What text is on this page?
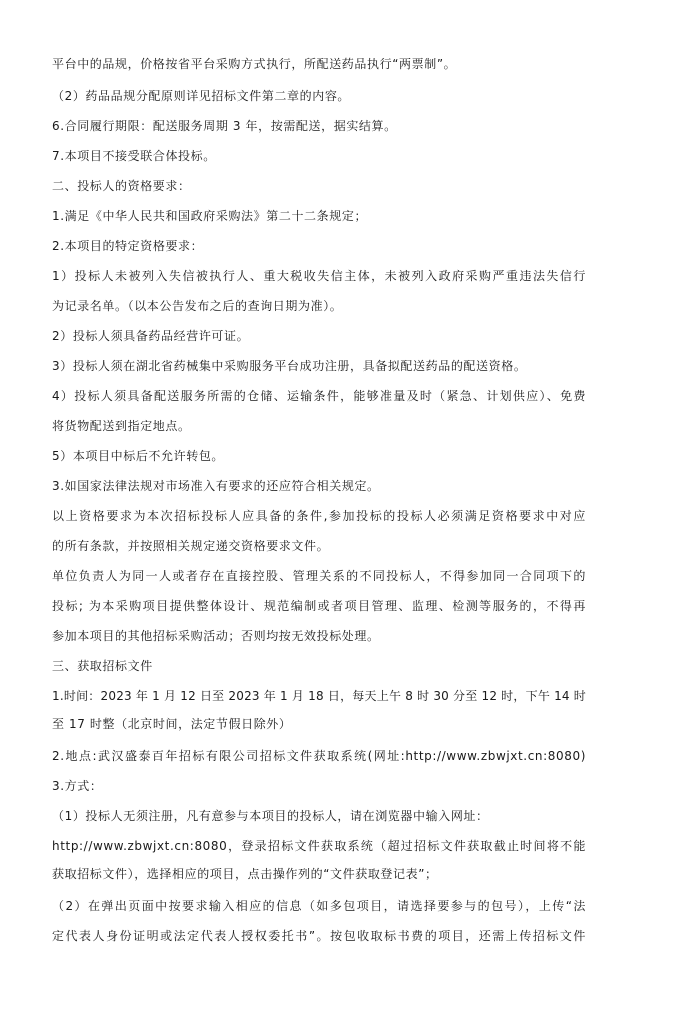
平台中的品规，价格按省平台采购方式执行，所配送药品执行“两票制”。
（2）药品品规分配原则详见招标文件第二章的内容。
6.合同履行期限：配送服务周期 3 年，按需配送，据实结算。
7.本项目不接受联合体投标。
二、投标人的资格要求：
1.满足《中华人民共和国政府采购法》第二十二条规定；
2.本项目的特定资格要求：
1）投标人未被列入失信被执行人、重大税收失信主体，未被列入政府采购严重违法失信行
为记录名单。（以本公告发布之后的查询日期为准）。
2）投标人须具备药品经营许可证。
3）投标人须在湖北省药械集中采购服务平台成功注册，具备拟配送药品的配送资格。
4）投标人须具备配送服务所需的仓储、运输条件，能够准量及时（紧急、计划供应）、免费
将货物配送到指定地点。
5）本项目中标后不允许转包。
3.如国家法律法规对市场准入有要求的还应符合相关规定。
以上资格要求为本次招标投标人应具备的条件,参加投标的投标人必须满足资格要求中对应
的所有条款，并按照相关规定递交资格要求文件。
单位负责人为同一人或者存在直接控股、管理关系的不同投标人，不得参加同一合同项下的
投标; 为本采购项目提供整体设计、规范编制或者项目管理、监理、检测等服务的，不得再
参加本项目的其他招标采购活动；否则均按无效投标处理。
三、获取招标文件
1.时间：2023 年 1 月 12 日至 2023 年 1 月 18 日，每天上午 8 时 30 分至 12 时，下午 14 时
至 17 时整（北京时间，法定节假日除外）
2.地点:武汉盛泰百年招标有限公司招标文件获取系统(网址:http://www.zbwjxt.cn:8080)
3.方式：
（1）投标人无须注册，凡有意参与本项目的投标人，请在浏览器中输入网址：
http://www.zbwjxt.cn:8080，登录招标文件获取系统（超过招标文件获取截止时间将不能
获取招标文件），选择相应的项目，点击操作列的“文件获取登记表”；
（2）在弹出页面中按要求输入相应的信息（如多包项目，请选择要参与的包号），上传“法
定代表人身份证明或法定代表人授权委托书”。按包收取标书费的项目，还需上传招标文件
